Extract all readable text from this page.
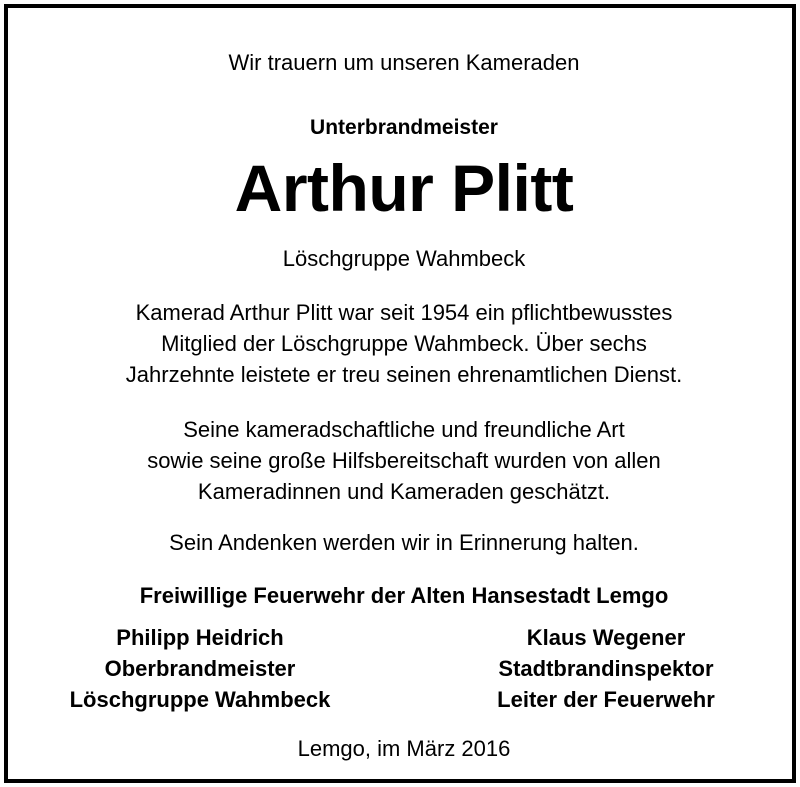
Wir trauern um unseren Kameraden
Unterbrandmeister
Arthur Plitt
Löschgruppe Wahmbeck
Kamerad Arthur Plitt war seit 1954 ein pflichtbewusstes
Mitglied der Löschgruppe Wahmbeck. Über sechs
Jahrzehnte leistete er treu seinen ehrenamtlichen Dienst.
Seine kameradschaftliche und freundliche Art
sowie seine große Hilfsbereitschaft wurden von allen
Kameradinnen und Kameraden geschätzt.
Sein Andenken werden wir in Erinnerung halten.
Freiwillige Feuerwehr der Alten Hansestadt Lemgo
Philipp Heidrich
Oberbrandmeister
Löschgruppe Wahmbeck
Klaus Wegener
Stadtbrandinspektor
Leiter der Feuerwehr
Lemgo, im März 2016
